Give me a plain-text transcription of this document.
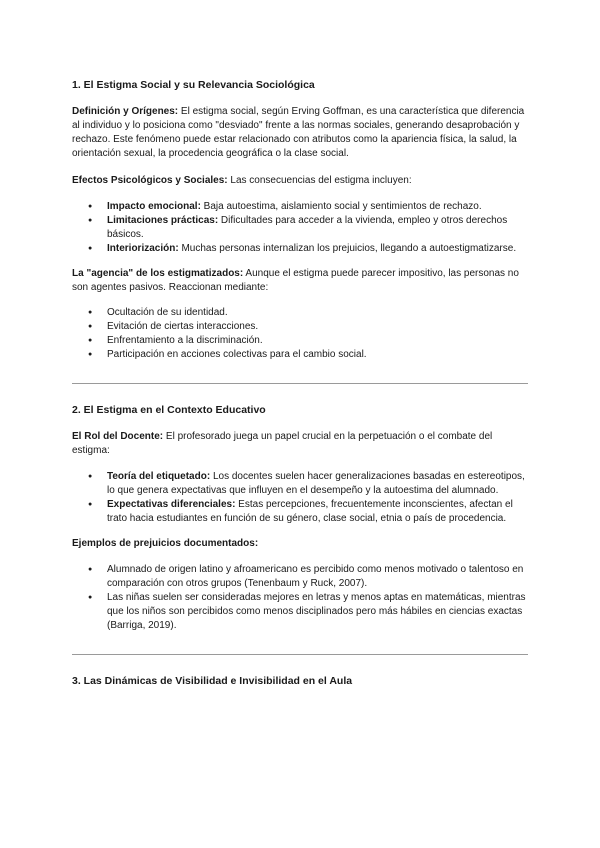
1. El Estigma Social y su Relevancia Sociológica

Definición y Orígenes: El estigma social, según Erving Goffman, es una característica que diferencia al individuo y lo posiciona como "desviado" frente a las normas sociales, generando desaprobación y rechazo. Este fenómeno puede estar relacionado con atributos como la apariencia física, la salud, la orientación sexual, la procedencia geográfica o la clase social.

Efectos Psicológicos y Sociales: Las consecuencias del estigma incluyen:

● Impacto emocional: Baja autoestima, aislamiento social y sentimientos de rechazo.
● Limitaciones prácticas: Dificultades para acceder a la vivienda, empleo y otros derechos básicos.
● Interiorización: Muchas personas internalizan los prejuicios, llegando a autoestigmatizarse.

La "agencia" de los estigmatizados: Aunque el estigma puede parecer impositivo, las personas no son agentes pasivos. Reaccionan mediante:

● Ocultación de su identidad.
● Evitación de ciertas interacciones.
● Enfrentamiento a la discriminación.
● Participación en acciones colectivas para el cambio social.
2. El Estigma en el Contexto Educativo

El Rol del Docente: El profesorado juega un papel crucial en la perpetuación o el combate del estigma:

● Teoría del etiquetado: Los docentes suelen hacer generalizaciones basadas en estereotipos, lo que genera expectativas que influyen en el desempeño y la autoestima del alumnado.
● Expectativas diferenciales: Estas percepciones, frecuentemente inconscientes, afectan el trato hacia estudiantes en función de su género, clase social, etnia o país de procedencia.

Ejemplos de prejuicios documentados:

● Alumnado de origen latino y afroamericano es percibido como menos motivado o talentoso en comparación con otros grupos (Tenenbaum y Ruck, 2007).
● Las niñas suelen ser consideradas mejores en letras y menos aptas en matemáticas, mientras que los niños son percibidos como menos disciplinados pero más hábiles en ciencias exactas (Barriga, 2019).
3. Las Dinámicas de Visibilidad e Invisibilidad en el Aula
